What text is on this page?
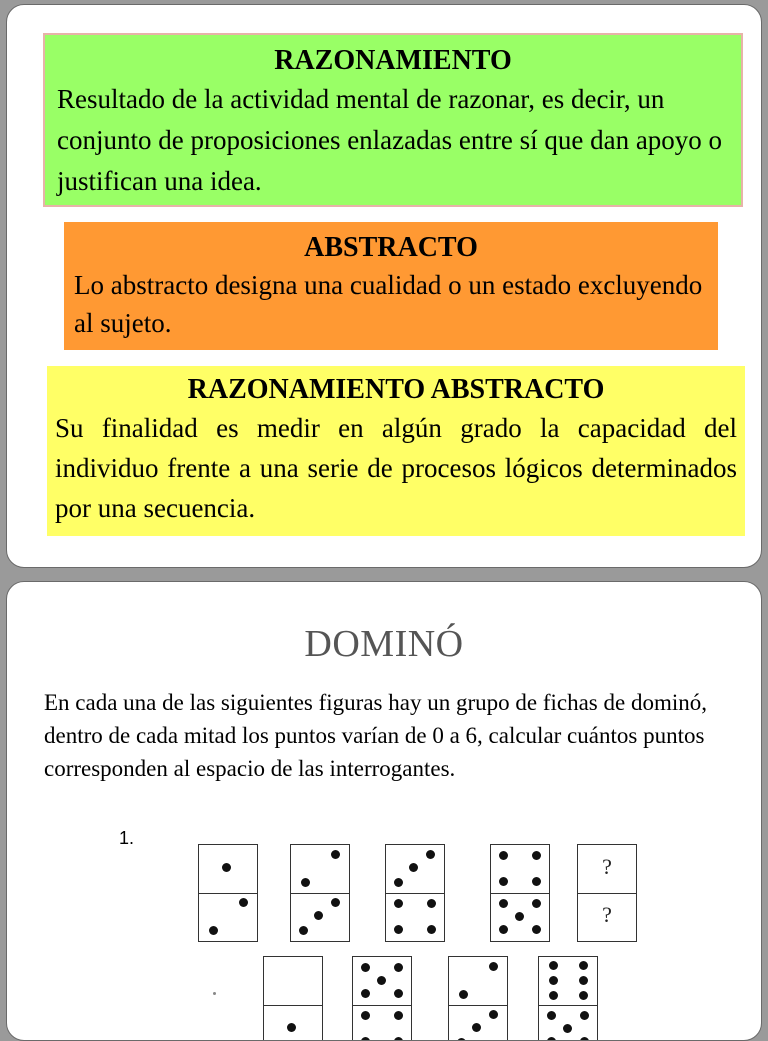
RAZONAMIENTO

Resultado de la actividad mental de razonar, es decir, un conjunto de proposiciones enlazadas entre sí que dan apoyo o justifican una idea.

ABSTRACTO

Lo abstracto designa una cualidad o un estado excluyendo al sujeto.

RAZONAMIENTO ABSTRACTO

Su finalidad es medir en algún grado la capacidad del individuo frente a una serie de procesos lógicos determinados por una secuencia.

DOMINÓ

En cada una de las siguientes figuras hay un grupo de fichas de dominó, dentro de cada mitad los puntos varían de 0 a 6, calcular cuántos puntos corresponden al espacio de las interrogantes.

1.
?
?
